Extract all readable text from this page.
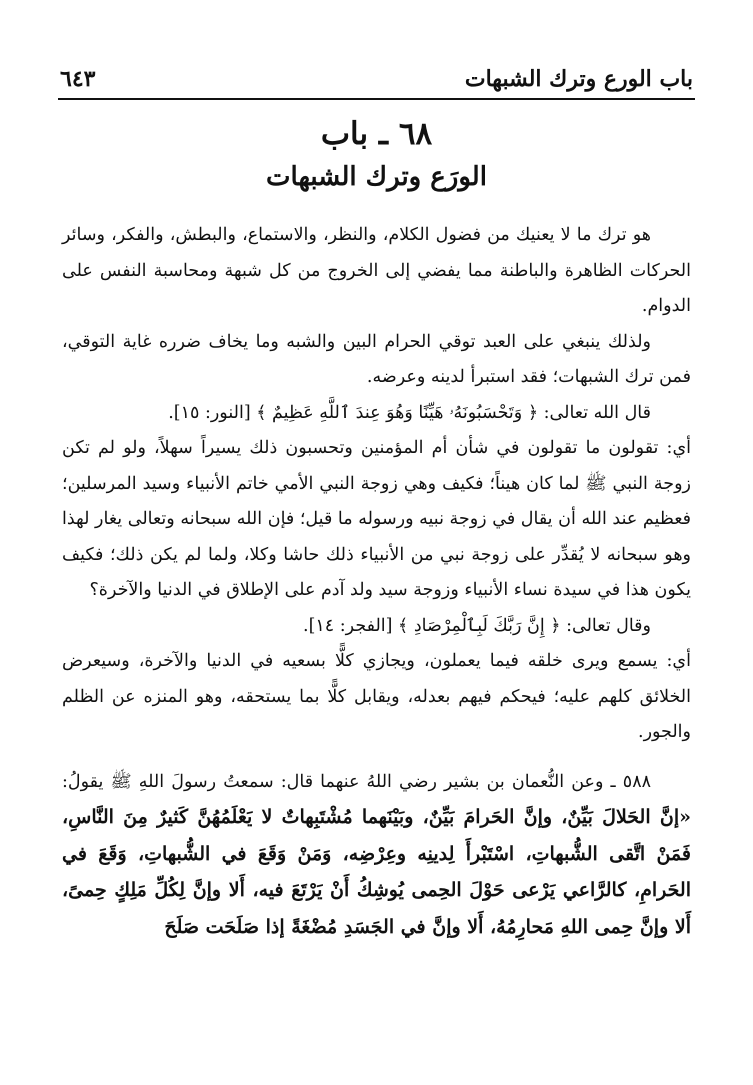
باب الورع وترك الشبهات
٦٤٣
٦٨ ـ باب
الورَع وترك الشبهات

هو ترك ما لا يعنيك من فضول الكلام، والنظر، والاستماع، والبطش، والفكر، وسائر الحركات الظاهرة والباطنة مما يفضي إلى الخروج من كل شبهة ومحاسبة النفس على الدوام.

ولذلك ينبغي على العبد توقي الحرام البين والشبه وما يخاف ضرره غاية التوقي، فمن ترك الشبهات؛ فقد استبرأ لدينه وعرضه.

قال الله تعالى: ﴿ وَتَحْسَبُونَهُۥ هَيِّنًا وَهُوَ عِندَ ٱللَّهِ عَظِيمٌ ﴾ [النور: ١٥].

أي: تقولون ما تقولون في شأن أم المؤمنين وتحسبون ذلك يسيراً سهلاً، ولو لم تكن زوجة النبي ﷺ لما كان هيناً؛ فكيف وهي زوجة النبي الأمي خاتم الأنبياء وسيد المرسلين؛ فعظيم عند الله أن يقال في زوجة نبيه ورسوله ما قيل؛ فإن الله سبحانه وتعالى يغار لهذا وهو سبحانه لا يُقدِّر على زوجة نبي من الأنبياء ذلك حاشا وكلا، ولما لم يكن ذلك؛ فكيف يكون هذا في سيدة نساء الأنبياء وزوجة سيد ولد آدم على الإطلاق في الدنيا والآخرة؟

وقال تعالى: ﴿ إِنَّ رَبَّكَ لَبِٱلْمِرْصَادِ ﴾ [الفجر: ١٤].

أي: يسمع ويرى خلقه فيما يعملون، ويجازي كلًّا بسعيه في الدنيا والآخرة، وسيعرض الخلائق كلهم عليه؛ فيحكم فيهم بعدله، ويقابل كلًّا بما يستحقه، وهو المنزه عن الظلم والجور.

٥٨٨ ـ وعن النُّعمان بن بشير رضي اللهُ عنهما قال: سمعتُ رسولَ اللهِ ﷺ يقولُ: «إنَّ الحَلالَ بَيِّنٌ، وإنَّ الحَرامَ بَيِّنٌ، وبَيْنَهما مُشْتَبِهاتٌ لا يَعْلَمُهُنَّ كَثيرٌ مِنَ النَّاسِ، فَمَنْ اتَّقى الشُّبهاتِ، اسْتَبْرأَ لِدينِه وعِرْضِه، وَمَنْ وَقَعَ في الشُّبهاتِ، وَقَعَ في الحَرامِ، كالرَّاعي يَرْعى حَوْلَ الحِمى يُوشِكُ أَنْ يَرْتَعَ فيه، أَلا وإنَّ لِكُلِّ مَلِكٍ حِمىً، أَلا وإنَّ حِمى اللهِ مَحارِمُهُ، أَلا وإنَّ في الجَسَدِ مُضْغَةً إذا صَلَحَت صَلَحَ
